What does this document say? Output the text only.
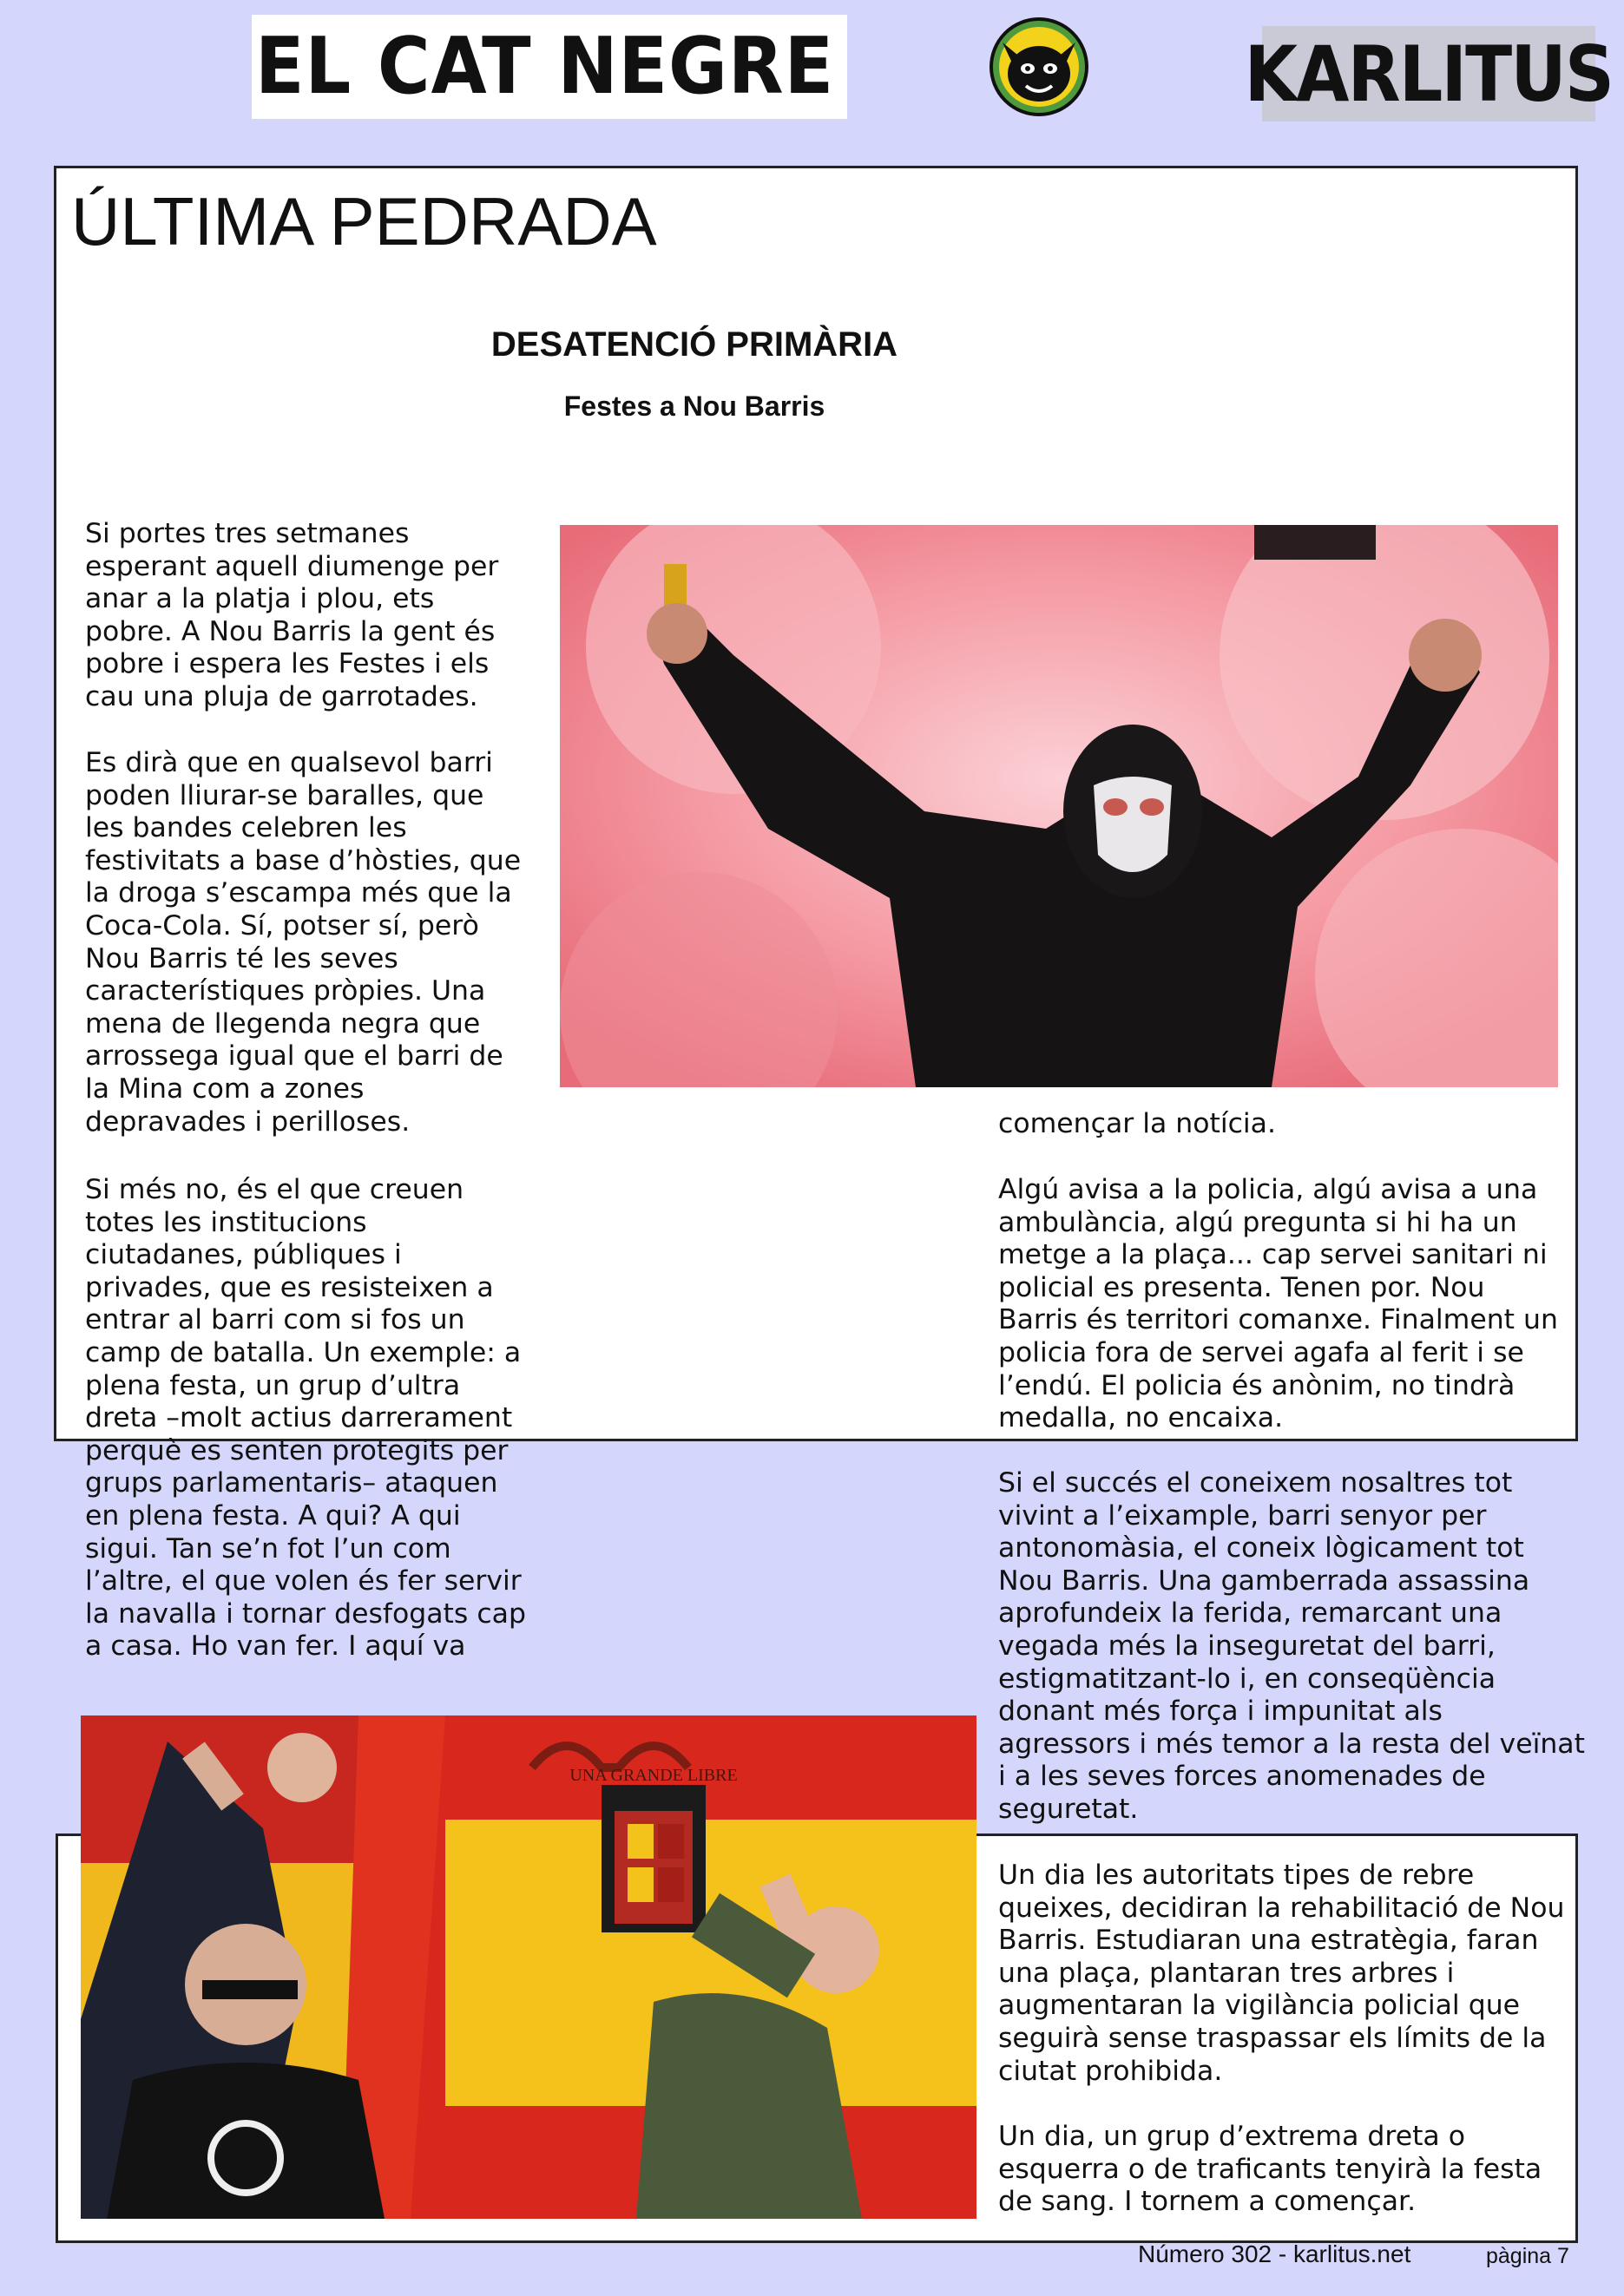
EL CAT NEGRE	KARLITUS
ÚLTIMA PEDRADA
DESATENCIÓ PRIMÀRIA
Festes a Nou Barris
UNA GRANDE LIBRE

Si portes tres setmanes
esperant aquell diumenge per
anar a la platja i plou, ets
pobre. A Nou Barris la gent és
pobre i espera les Festes i els
cau una pluja de garrotades.

Es dirà que en qualsevol barri
poden lliurar-se baralles, que
les bandes celebren les
festivitats a base d’hòsties, que
la droga s’escampa més que la
Coca-Cola. Sí, potser sí, però
Nou Barris té les seves
característiques pròpies. Una
mena de llegenda negra que
arrossega igual que el barri de
la Mina com a zones
depravades i perilloses.

Si més no, és el que creuen
totes les institucions
ciutadanes, públiques i
privades, que es resisteixen a
entrar al barri com si fos un
camp de batalla. Un exemple: a
plena festa, un grup d’ultra
dreta –molt actius darrerament
perquè es senten protegits per
grups parlamentaris– ataquen
en plena festa. A qui? A qui
sigui. Tan se’n fot l’un com
l’altre, el que volen és fer servir
la navalla i tornar desfogats cap
a casa. Ho van fer. I aquí va

començar la notícia.

Algú avisa a la policia, algú avisa a una
ambulància, algú pregunta si hi ha un
metge a la plaça... cap servei sanitari ni
policial es presenta. Tenen por. Nou
Barris és territori comanxe. Finalment un
policia fora de servei agafa al ferit i se
l’endú. El policia és anònim, no tindrà
medalla, no encaixa.

Si el succés el coneixem nosaltres tot
vivint a l’eixample, barri senyor per
antonomàsia, el coneix lògicament tot
Nou Barris. Una gamberrada assassina
aprofundeix la ferida, remarcant una
vegada més la inseguretat del barri,
estigmatitzant-lo i, en conseqüència
donant més força i impunitat als
agressors i més temor a la resta del veïnat
i a les seves forces anomenades de
seguretat.

Un dia les autoritats tipes de rebre
queixes, decidiran la rehabilitació de Nou
Barris. Estudiaran una estratègia, faran
una plaça, plantaran tres arbres i
augmentaran la vigilància policial que
seguirà sense traspassar els límits de la
ciutat prohibida.

Un dia, un grup d’extrema dreta o
esquerra o de traficants tenyirà la festa
de sang. I tornem a començar.

Número 302 - karlitus.net	pàgina 7
